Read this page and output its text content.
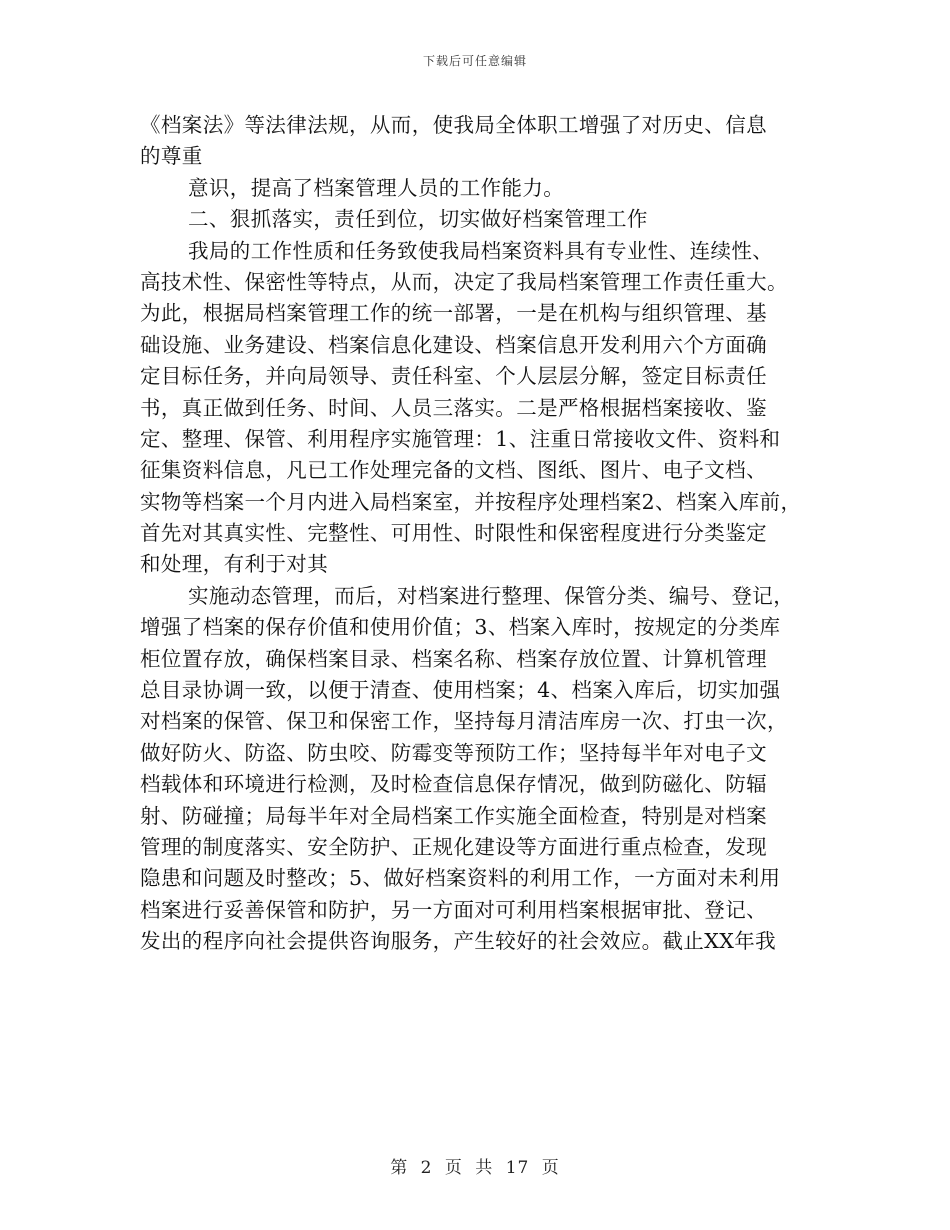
下载后可任意编辑
《档案法》等法律法规，从而，使我局全体职工增强了对历史、信息
的尊重
意识，提高了档案管理人员的工作能力。
二、狠抓落实，责任到位，切实做好档案管理工作
我局的工作性质和任务致使我局档案资料具有专业性、连续性、
高技术性、保密性等特点，从而，决定了我局档案管理工作责任重大。
为此，根据局档案管理工作的统一部署，一是在机构与组织管理、基
础设施、业务建设、档案信息化建设、档案信息开发利用六个方面确
定目标任务，并向局领导、责任科室、个人层层分解，签定目标责任
书，真正做到任务、时间、人员三落实。二是严格根据档案接收、鉴
定、整理、保管、利用程序实施管理：1、注重日常接收文件、资料和
征集资料信息，凡已工作处理完备的文档、图纸、图片、电子文档、
实物等档案一个月内进入局档案室，并按程序处理档案2、档案入库前，
首先对其真实性、完整性、可用性、时限性和保密程度进行分类鉴定
和处理，有利于对其
实施动态管理，而后，对档案进行整理、保管分类、编号、登记，
增强了档案的保存价值和使用价值；3、档案入库时，按规定的分类库
柜位置存放，确保档案目录、档案名称、档案存放位置、计算机管理
总目录协调一致，以便于清查、使用档案；4、档案入库后，切实加强
对档案的保管、保卫和保密工作，坚持每月清洁库房一次、打虫一次，
做好防火、防盗、防虫咬、防霉变等预防工作；坚持每半年对电子文
档载体和环境进行检测，及时检查信息保存情况，做到防磁化、防辐
射、防碰撞；局每半年对全局档案工作实施全面检查，特别是对档案
管理的制度落实、安全防护、正规化建设等方面进行重点检查，发现
隐患和问题及时整改；5、做好档案资料的利用工作，一方面对未利用
档案进行妥善保管和防护，另一方面对可利用档案根据审批、登记、
发出的程序向社会提供咨询服务，产生较好的社会效应。截止XX年我
第 2 页 共 17 页
